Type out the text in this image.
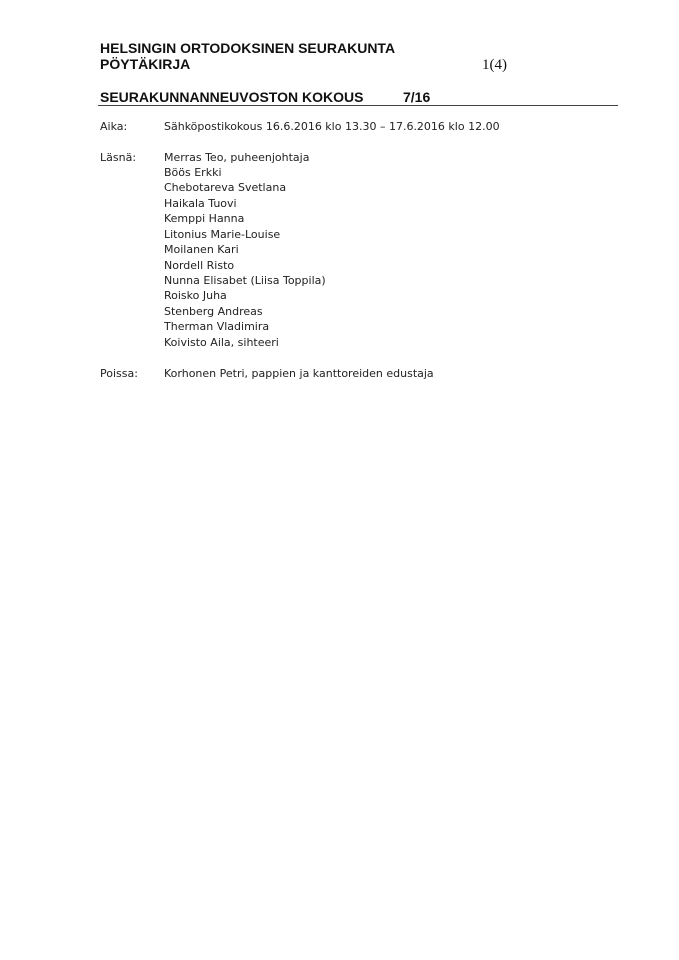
HELSINGIN ORTODOKSINEN SEURAKUNTA
PÖYTÄKIRJA	1(4)
SEURAKUNNANNEUVOSTON KOKOUS	7/16
Aika:	Sähköpostikokous 16.6.2016 klo 13.30 – 17.6.2016 klo 12.00
Läsnä:	Merras Teo, puheenjohtaja
Böös Erkki
Chebotareva Svetlana
Haikala Tuovi
Kemppi Hanna
Litonius Marie-Louise
Moilanen Kari
Nordell Risto
Nunna Elisabet (Liisa Toppila)
Roisko Juha
Stenberg Andreas
Therman Vladimira
Koivisto Aila, sihteeri
Poissa: Korhonen Petri, pappien ja kanttoreiden edustaja
